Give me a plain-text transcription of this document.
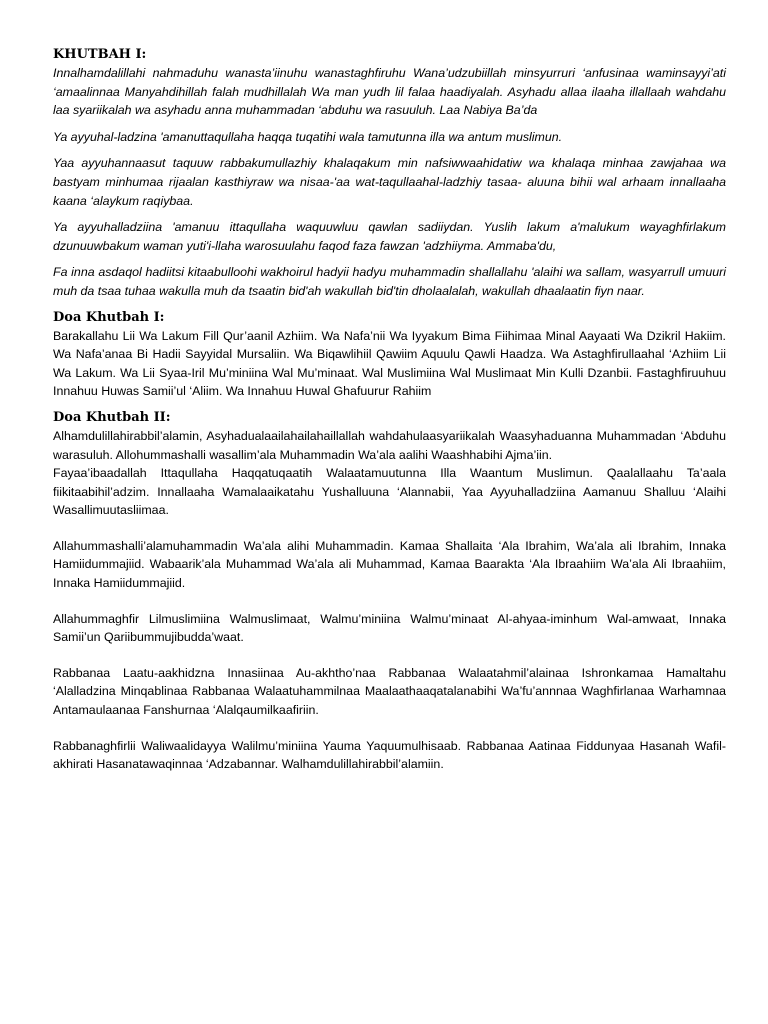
KHUTBAH I:

Innalhamdalillahi nahmaduhu wanasta’iinuhu wanastaghfiruhu Wana’udzubiillah minsyurruri ‘anfusinaa waminsayyi’ati ‘amaalinnaa Manyahdihillah falah mudhillalah Wa man yudh lil falaa haadiyalah. Asyhadu allaa ilaaha illallaah wahdahu laa syariikalah wa asyhadu anna muhammadan ‘abduhu wa rasuuluh. Laa Nabiya Ba’da

Ya ayyuhal-ladzina 'amanuttaqullaha haqqa tuqatihi wala tamutunna illa wa antum muslimun.

Yaa ayyuhannaasut taquuw rabbakumullazhiy khalaqakum min nafsiwwaahidatiw wa khalaqa minhaa zawjahaa wa bastyam minhumaa rijaalan kasthiyraw wa nisaa-'aa wat-taqullaahal-ladzhiy tasaa- aluuna bihii wal arhaam innallaaha kaana ‘alaykum raqiybaa.

Ya ayyuhalladziina 'amanuu ittaqullaha waquuwluu qawlan sadiiydan. Yuslih lakum a'malukum wayaghfirlakum dzunuuwbakum waman yuti'i-llaha warosuulahu faqod faza fawzan 'adzhiiyma. Ammaba'du,

Fa inna asdaqol hadiitsi kitaabulloohi wakhoirul hadyii hadyu muhammadin shallallahu 'alaihi wa sallam, wasyarrull umuuri muh da tsaa tuhaa wakulla muh da tsaatin bid'ah wakullah bid'tin dholaalalah, wakullah dhaalaatin fiyn naar.

Doa Khutbah I:

Barakallahu Lii Wa Lakum Fill Qur’aanil Azhiim. Wa Nafa’nii Wa Iyyakum Bima Fiihimaa Minal Aayaati Wa Dzikril Hakiim. Wa Nafa’anaa Bi Hadii Sayyidal Mursaliin. Wa Biqawlihiil Qawiim Aquulu Qawli Haadza. Wa Astaghfirullaahal ‘Azhiim Lii Wa Lakum. Wa Lii Syaa-Iril Mu’miniina Wal Mu’minaat. Wal Muslimiina Wal Muslimaat Min Kulli Dzanbii. Fastaghfiruuhuu Innahuu Huwas Samii’ul ‘Aliim. Wa Innahuu Huwal Ghafuurur Rahiim

Doa Khutbah II:

Alhamdulillahirabbil’alamin, Asyhadualaailahailahaillallah wahdahulaasyariikalah Waasyhaduanna Muhammadan ‘Abduhu warasuluh. Allohummashalli wasallim’ala Muhammadin Wa’ala aalihi Waashhabihi Ajma’iin.

Fayaa’ibaadallah Ittaqullaha Haqqatuqaatih Walaatamuutunna Illa Waantum Muslimun. Qaalallaahu Ta’aala fiikitaabihil’adzim. Innallaaha Wamalaaikatahu Yushalluuna ‘Alannabii, Yaa Ayyuhalladziina Aamanuu Shalluu ‘Alaihi Wasallimuutasliimaa.

Allahummashalli’alamuhammadin Wa’ala alihi Muhammadin. Kamaa Shallaita ‘Ala Ibrahim, Wa’ala ali Ibrahim, Innaka Hamiidummajiid. Wabaarik’ala Muhammad Wa’ala ali Muhammad, Kamaa Baarakta ‘Ala Ibraahiim Wa’ala Ali Ibraahiim, Innaka Hamiidummajiid.

Allahummaghfir Lilmuslimiina Walmuslimaat, Walmu’miniina Walmu’minaat Al-ahyaa-iminhum Wal-amwaat, Innaka Samii’un Qariibummujibudda’waat.

Rabbanaa Laatu-aakhidzna Innasiinaa Au-akhtho’naa Rabbanaa Walaatahmil’alainaa Ishronkamaa Hamaltahu ‘Alalladzina Minqablinaa Rabbanaa Walaatuhammilnaa Maalaathaaqatalanabihi Wa’fu’annnaa Waghfirlanaa Warhamnaa Antamaulaanaa Fanshurnaa ‘Alalqaumilkaafiriin.

Rabbanaghfirlii Waliwaalidayya Walilmu’miniina Yauma Yaquumulhisaab. Rabbanaa Aatinaa Fiddunyaa Hasanah Wafil-akhirati Hasanatawaqinnaa ‘Adzabannar. Walhamdulillahirabbil’alamiin.
